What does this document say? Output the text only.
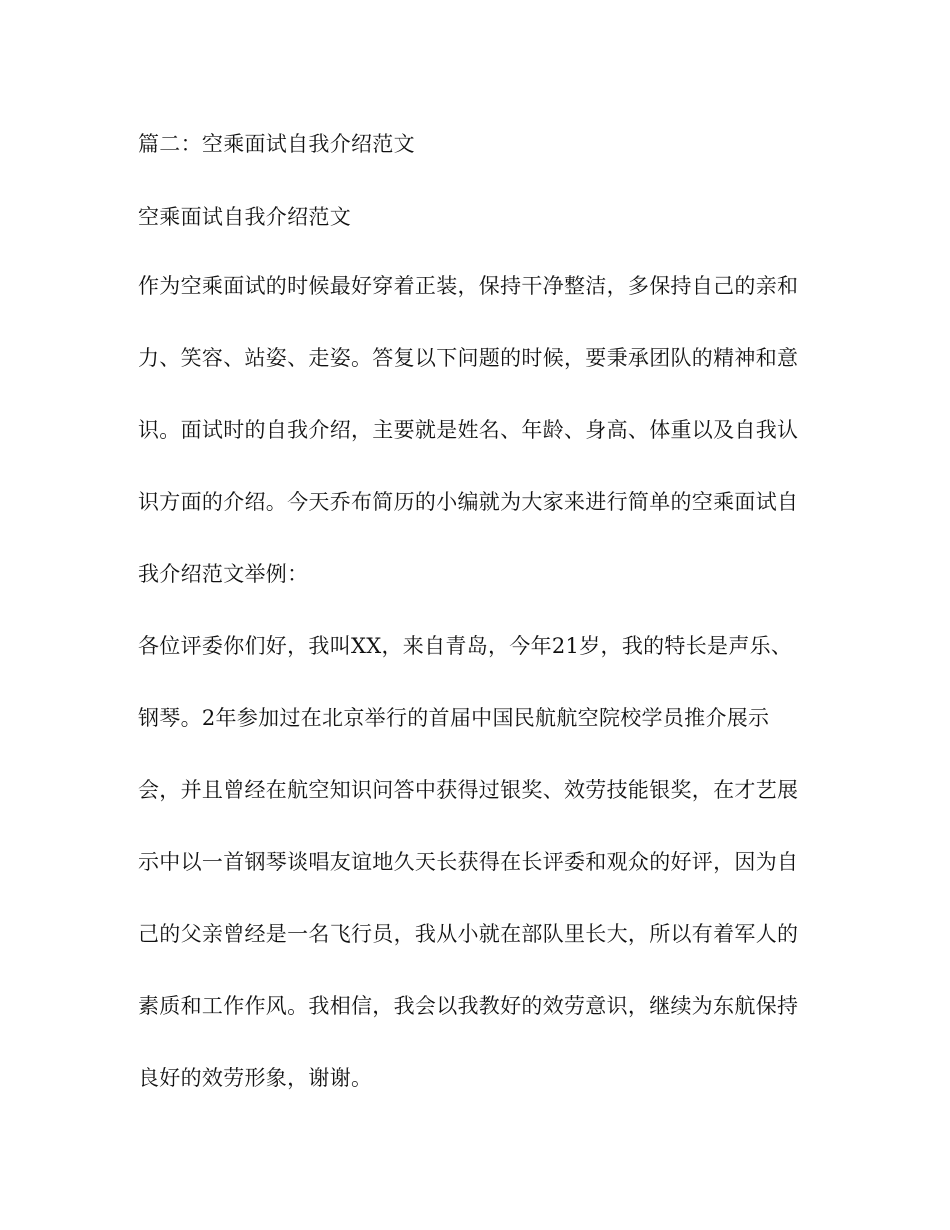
篇二：空乘面试自我介绍范文
空乘面试自我介绍范文
作为空乘面试的时候最好穿着正装，保持干净整洁，多保持自己的亲和
力、笑容、站姿、走姿。答复以下问题的时候，要秉承团队的精神和意
识。面试时的自我介绍，主要就是姓名、年龄、身高、体重以及自我认
识方面的介绍。今天乔布简历的小编就为大家来进行简单的空乘面试自
我介绍范文举例：
各位评委你们好，我叫XX，来自青岛，今年21岁，我的特长是声乐、
钢琴。2年参加过在北京举行的首届中国民航航空院校学员推介展示
会，并且曾经在航空知识问答中获得过银奖、效劳技能银奖，在才艺展
示中以一首钢琴谈唱友谊地久天长获得在长评委和观众的好评，因为自
己的父亲曾经是一名飞行员，我从小就在部队里长大，所以有着军人的
素质和工作作风。我相信，我会以我教好的效劳意识，继续为东航保持
良好的效劳形象，谢谢。
